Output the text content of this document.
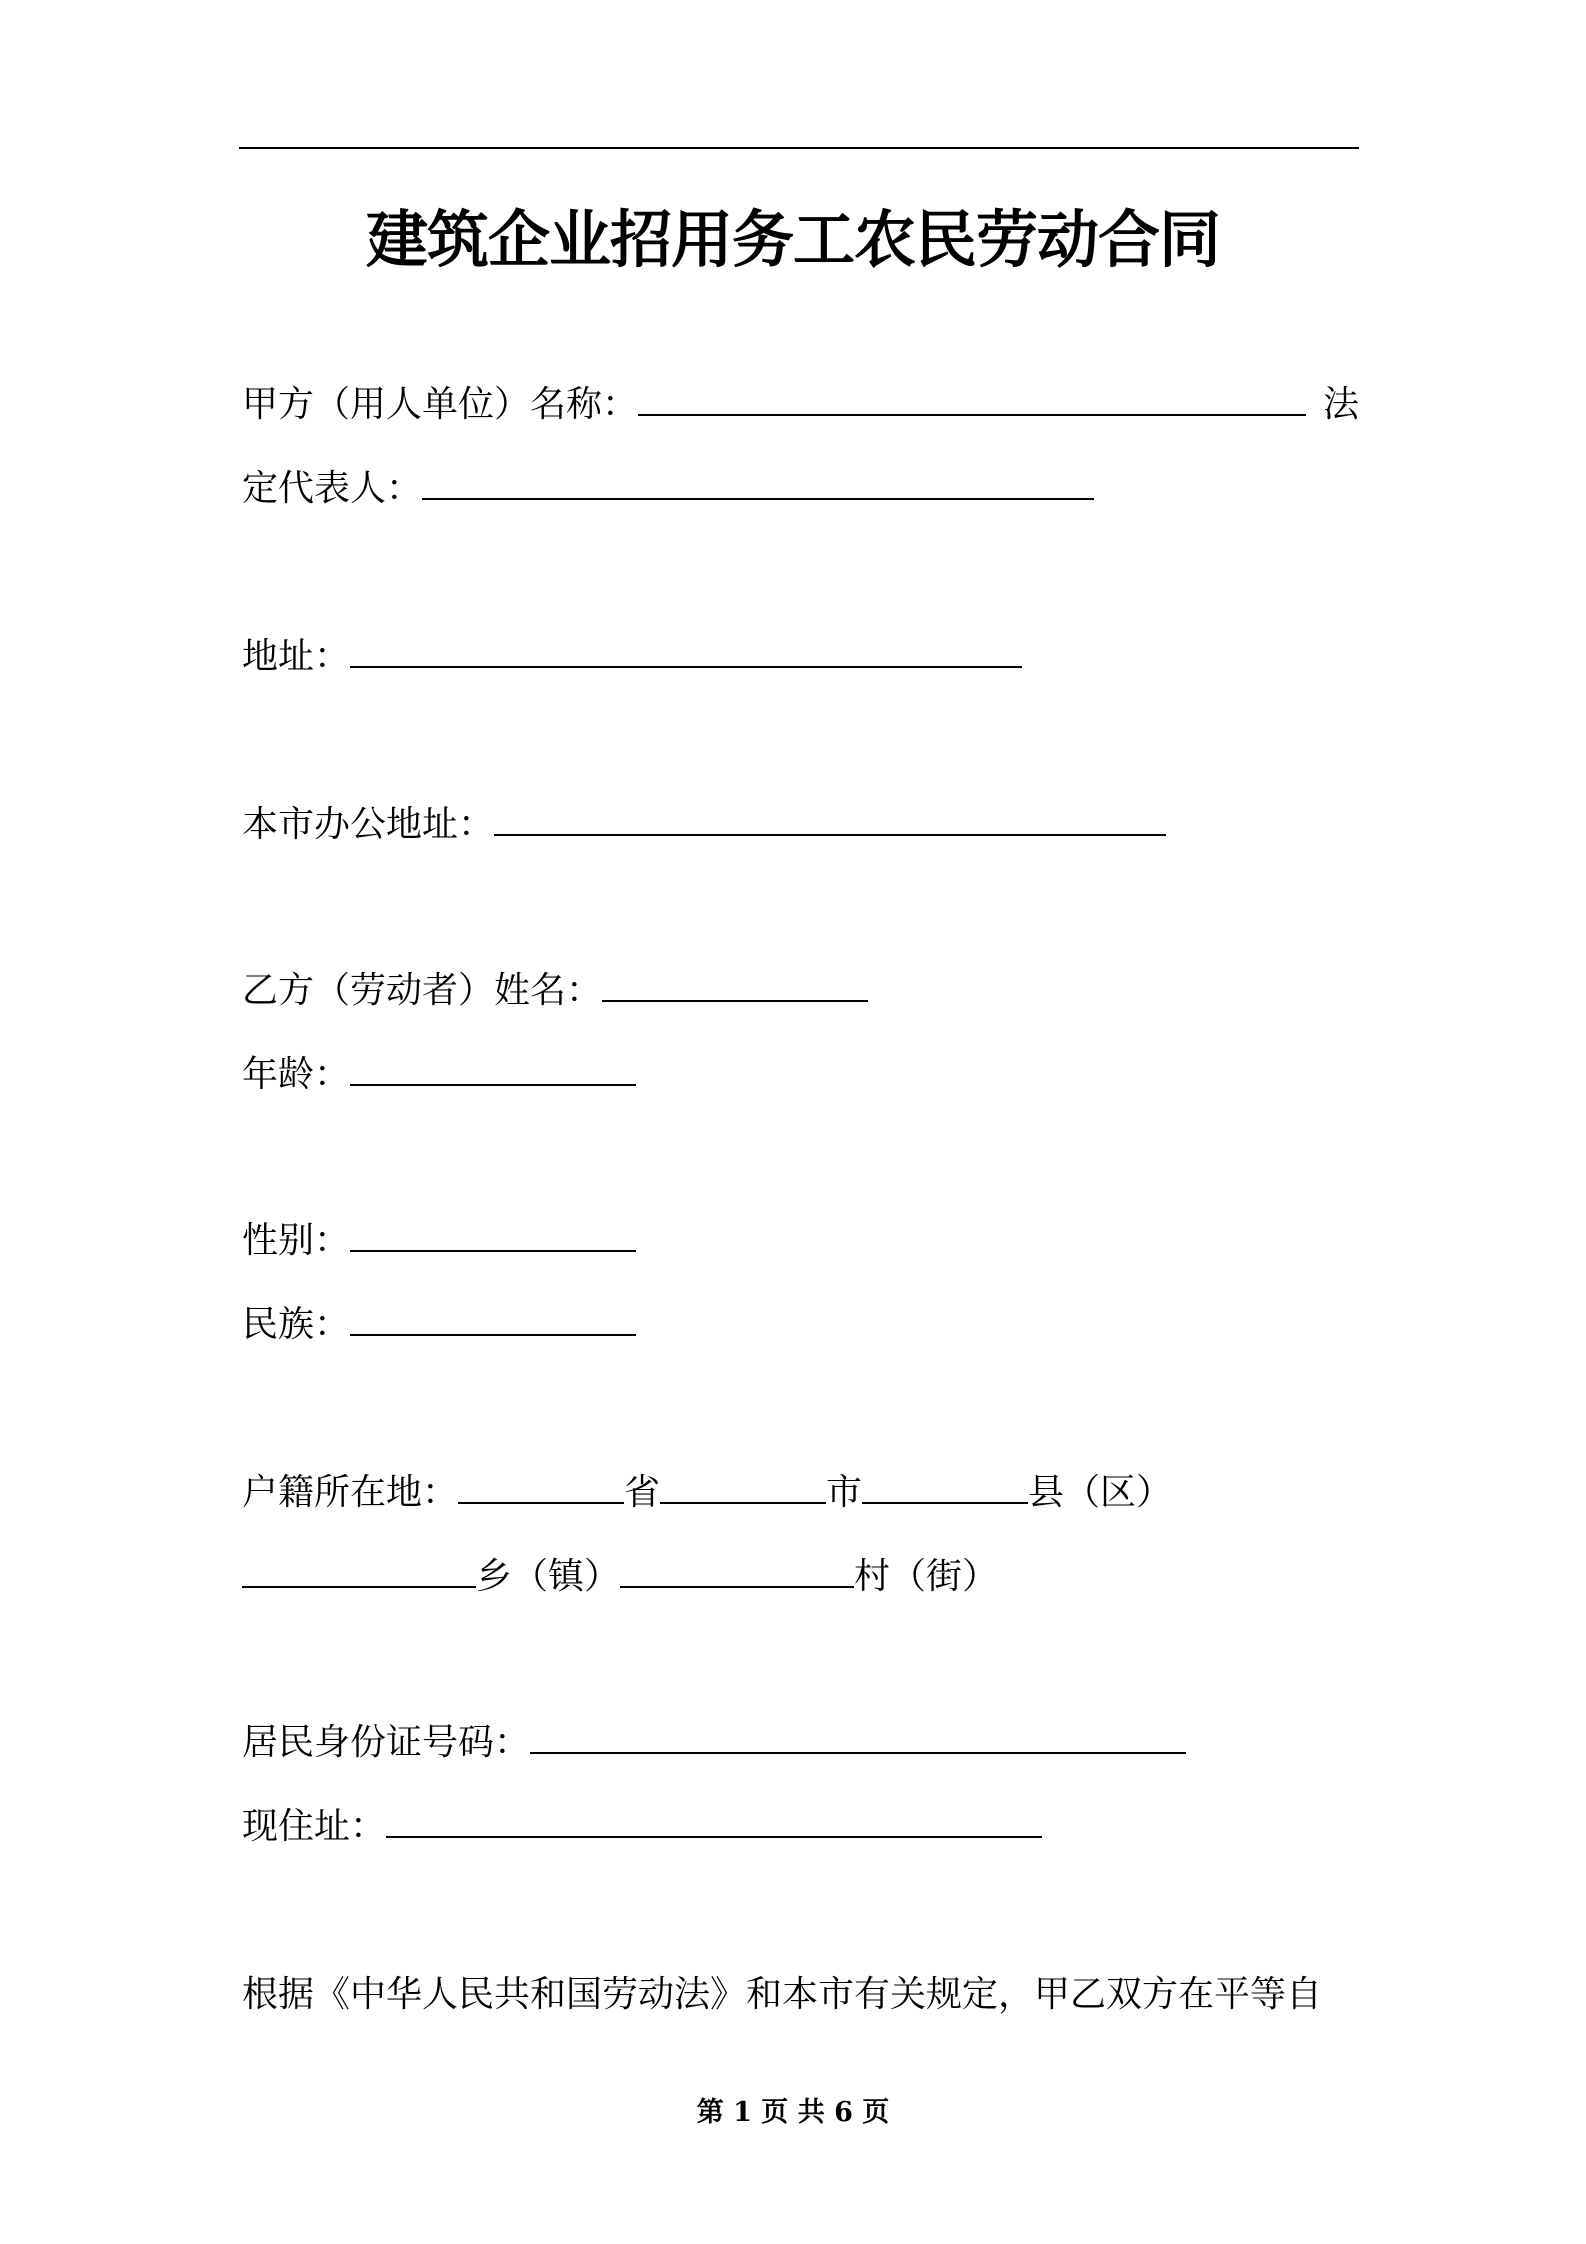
建筑企业招用务工农民劳动合同
甲方（用人单位）名称：	法
定代表人：
地址：
本市办公地址：
乙方（劳动者）姓名：
年龄：
性别：
民族：
户籍所在地：	省	市	县（区）
乡（镇）	村（街）
居民身份证号码：
现住址：
根据《中华人民共和国劳动法》和本市有关规定，甲乙双方在平等自
第 1 页 共 6 页
